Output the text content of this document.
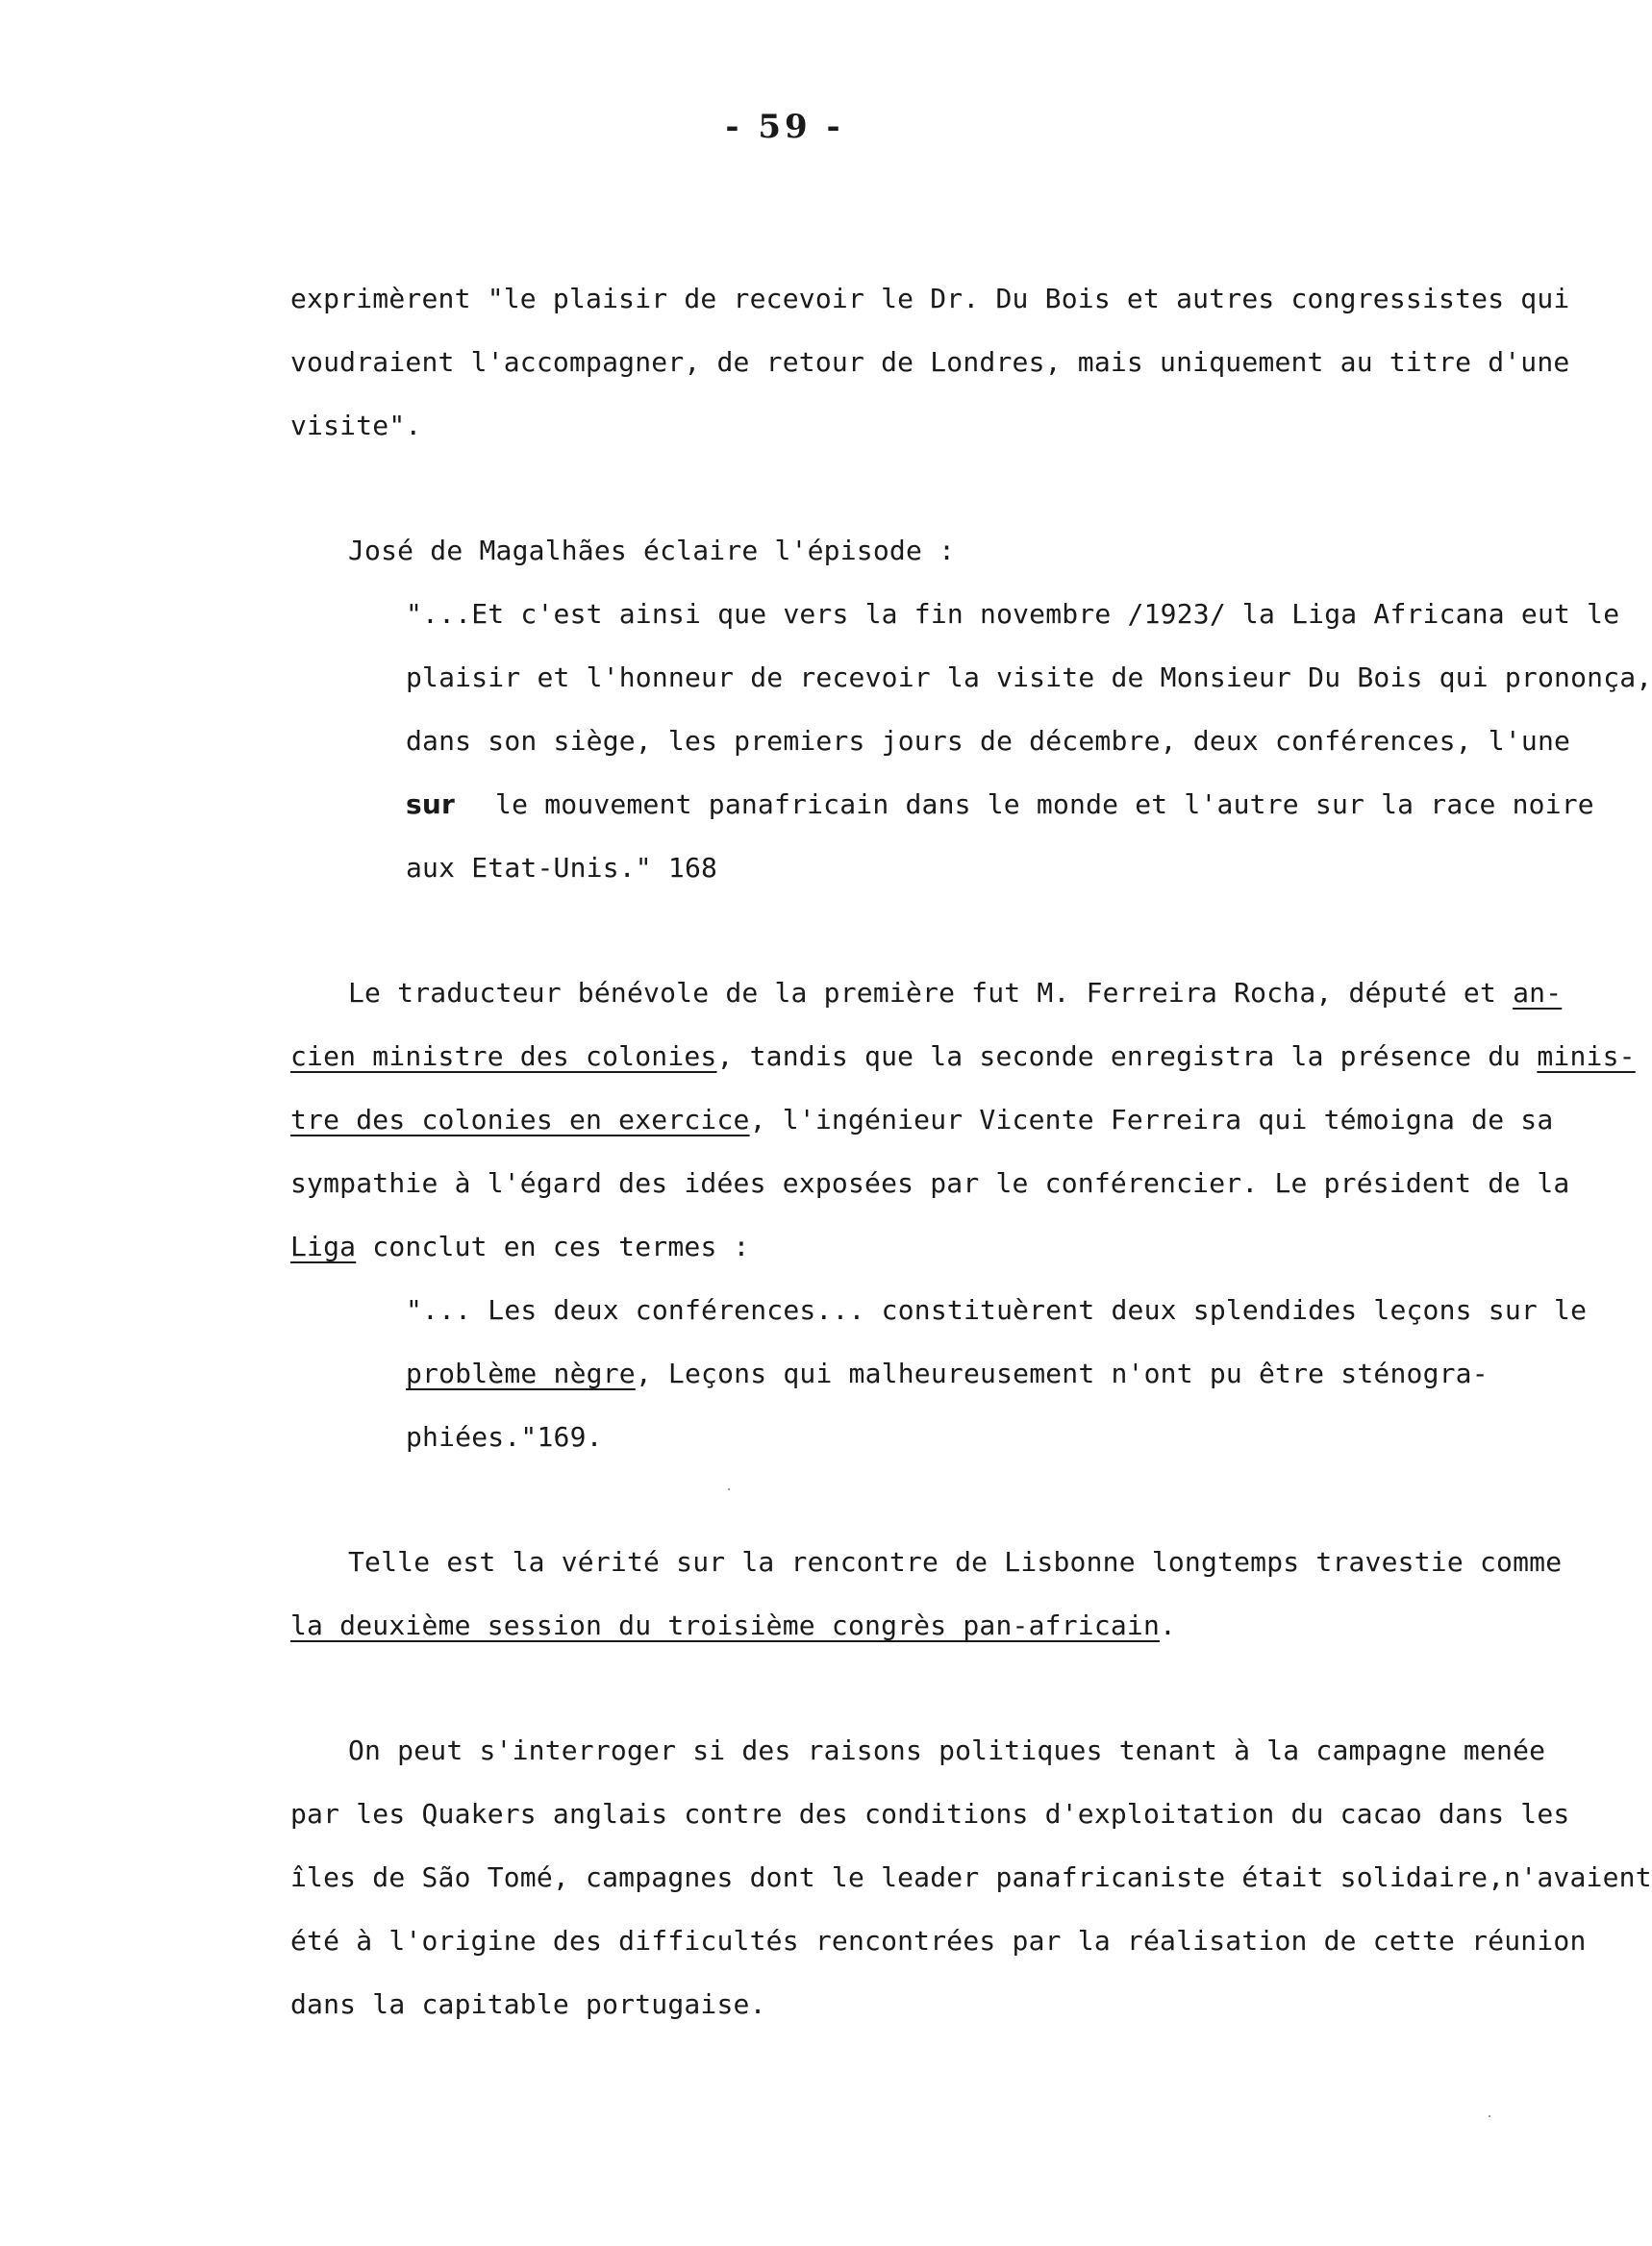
- 59 -
exprimèrent "le plaisir de recevoir le Dr. Du Bois et autres congressistes qui
voudraient l'accompagner, de retour de Londres, mais uniquement au titre d'une
visite".
José de Magalhães éclaire l'épisode :
"...Et c'est ainsi que vers la fin novembre /1923/ la Liga Africana eut le
plaisir et l'honneur de recevoir la visite de Monsieur Du Bois qui prononça,
dans son siège, les premiers jours de décembre, deux conférences, l'une
sur le mouvement panafricain dans le monde et l'autre sur la race noire
aux Etat-Unis." 168
Le traducteur bénévole de la première fut M. Ferreira Rocha, député et an-
cien ministre des colonies, tandis que la seconde enregistra la présence du minis-
tre des colonies en exercice, l'ingénieur Vicente Ferreira qui témoigna de sa
sympathie à l'égard des idées exposées par le conférencier. Le président de la
Liga conclut en ces termes :
"... Les deux conférences... constituèrent deux splendides leçons sur le
problème nègre, Leçons qui malheureusement n'ont pu être sténogra-
phiées."169.
Telle est la vérité sur la rencontre de Lisbonne longtemps travestie comme
la deuxième session du troisième congrès pan-africain.
On peut s'interroger si des raisons politiques tenant à la campagne menée
par les Quakers anglais contre des conditions d'exploitation du cacao dans les
îles de São Tomé, campagnes dont le leader panafricaniste était solidaire,n'avaient
été à l'origine des difficultés rencontrées par la réalisation de cette réunion
dans la capitable portugaise.
